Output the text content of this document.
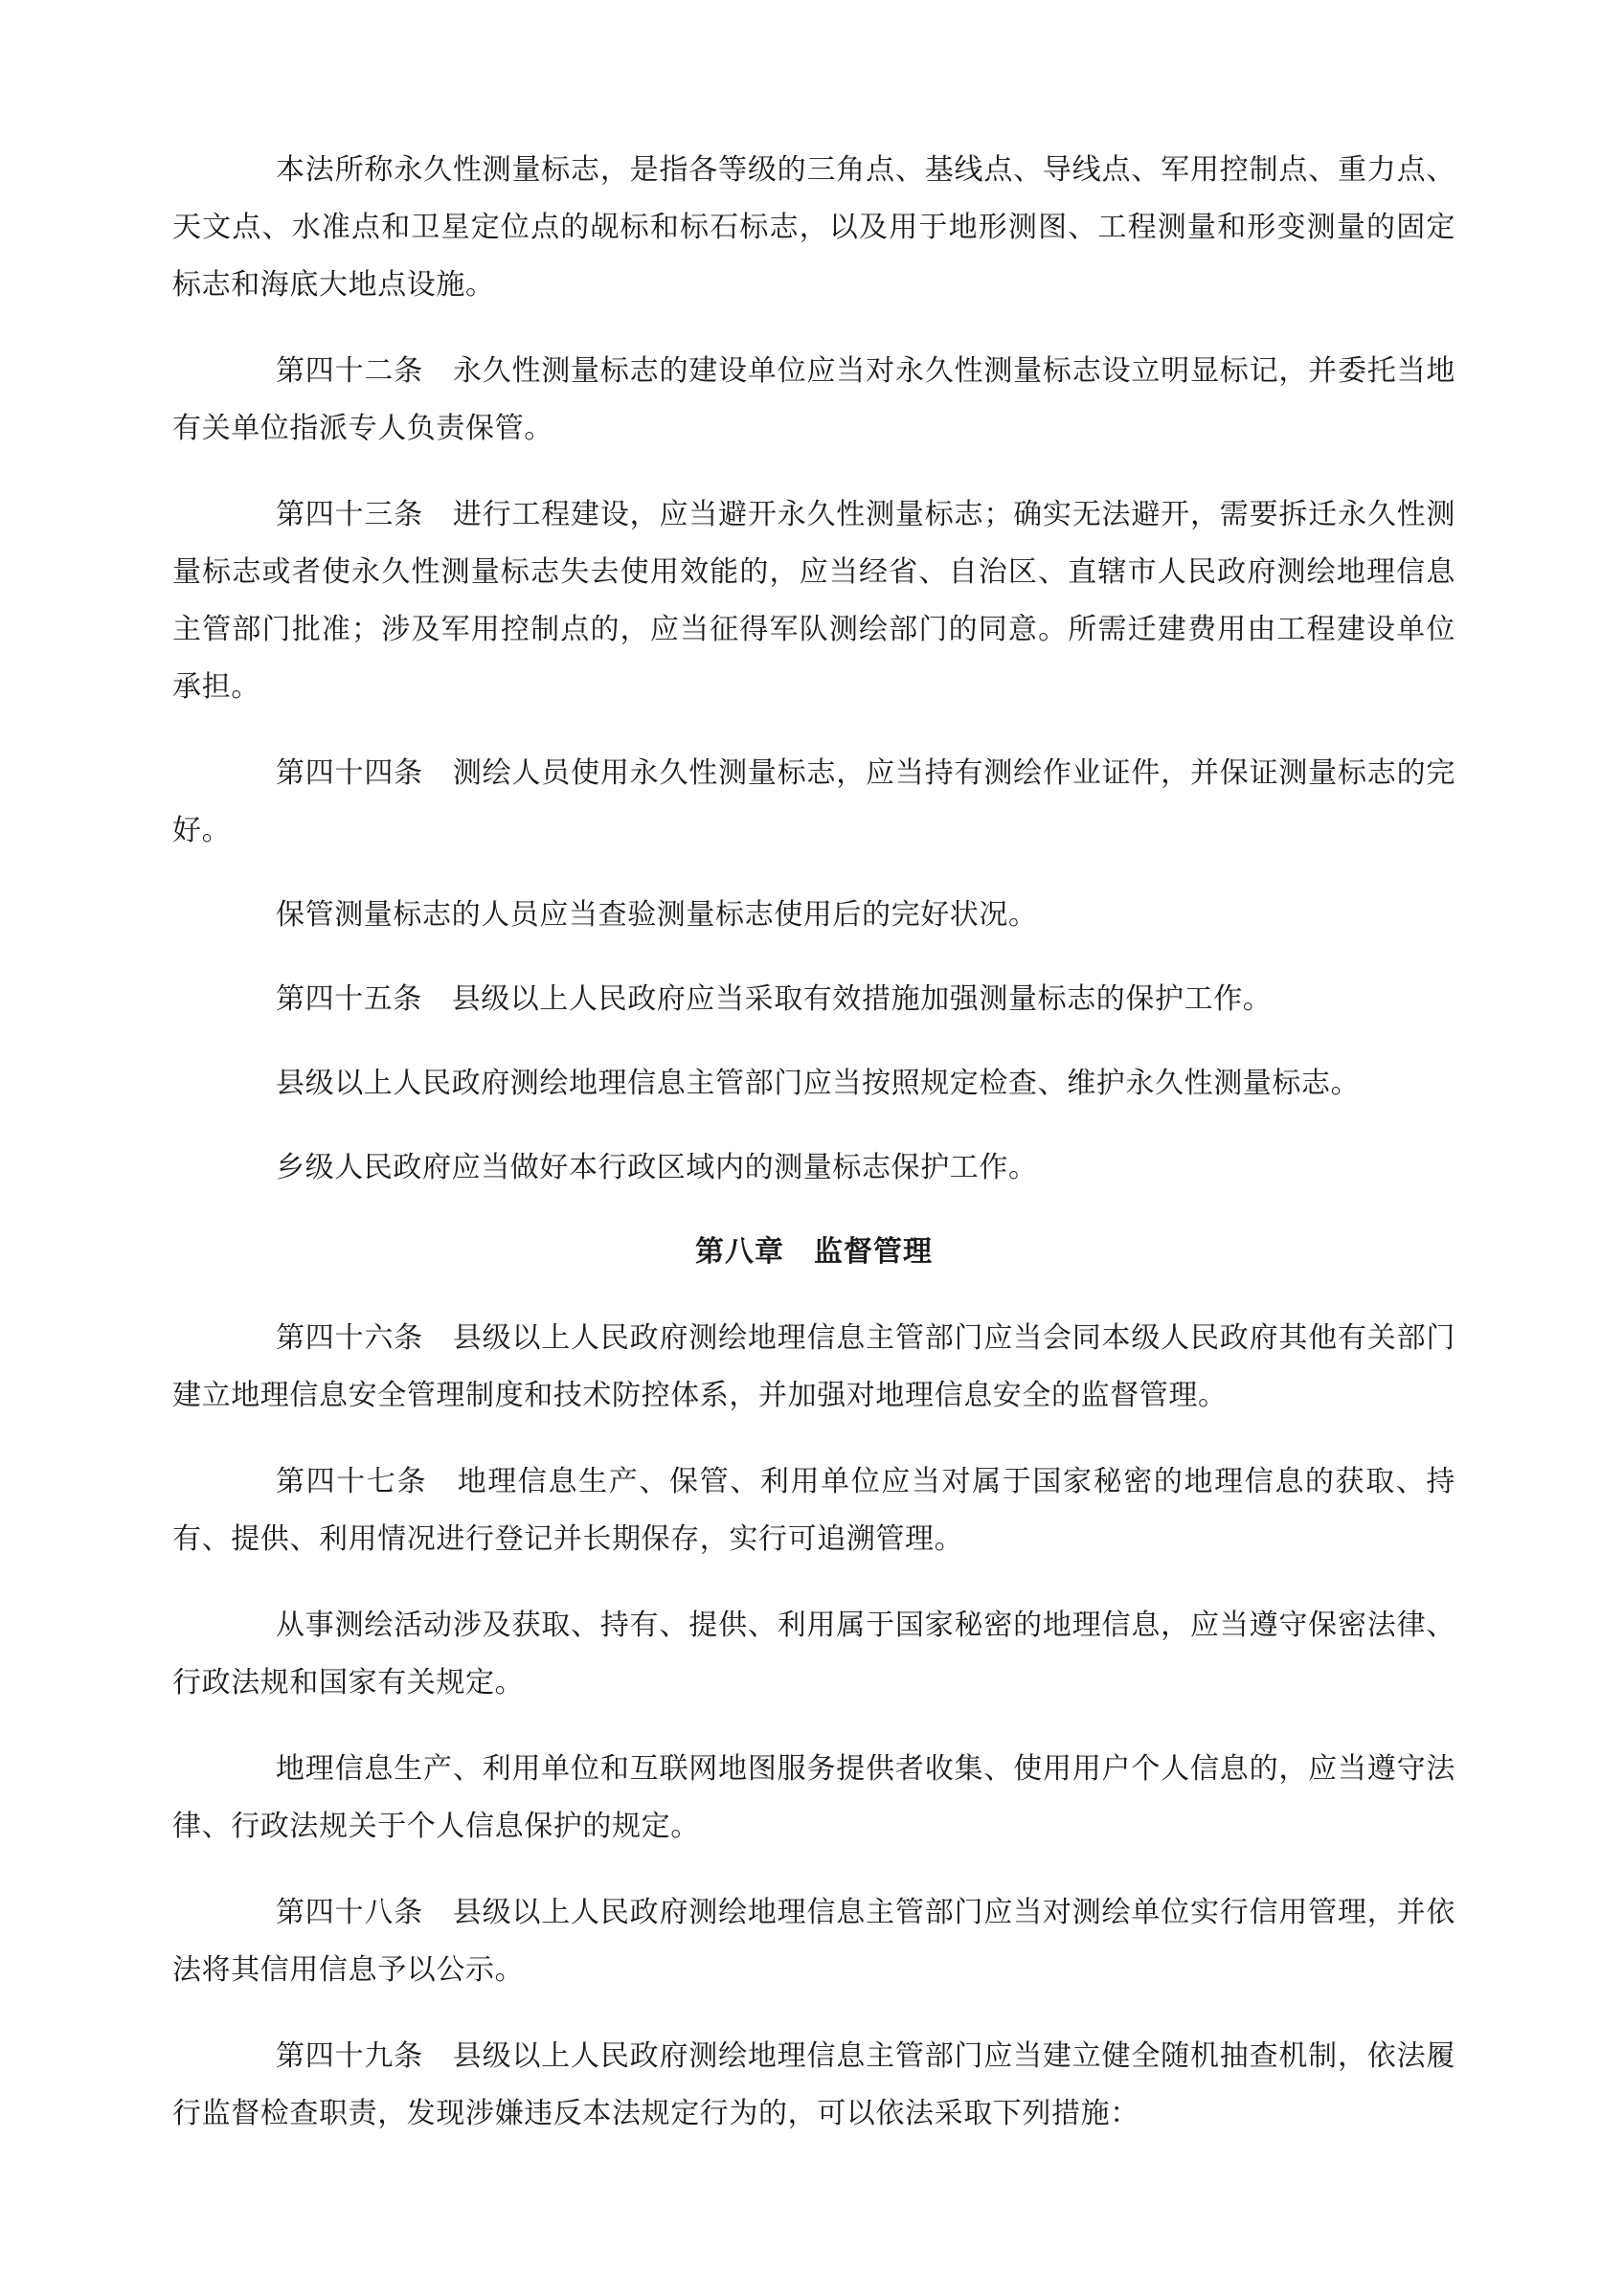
本法所称永久性测量标志，是指各等级的三角点、基线点、导线点、军用控制点、重力点、天文点、水准点和卫星定位点的觇标和标石标志，以及用于地形测图、工程测量和形变测量的固定标志和海底大地点设施。

第四十二条　永久性测量标志的建设单位应当对永久性测量标志设立明显标记，并委托当地有关单位指派专人负责保管。

第四十三条　进行工程建设，应当避开永久性测量标志；确实无法避开，需要拆迁永久性测量标志或者使永久性测量标志失去使用效能的，应当经省、自治区、直辖市人民政府测绘地理信息主管部门批准；涉及军用控制点的，应当征得军队测绘部门的同意。所需迁建费用由工程建设单位承担。

第四十四条　测绘人员使用永久性测量标志，应当持有测绘作业证件，并保证测量标志的完好。

保管测量标志的人员应当查验测量标志使用后的完好状况。

第四十五条　县级以上人民政府应当采取有效措施加强测量标志的保护工作。

县级以上人民政府测绘地理信息主管部门应当按照规定检查、维护永久性测量标志。

乡级人民政府应当做好本行政区域内的测量标志保护工作。

第八章　监督管理

第四十六条　县级以上人民政府测绘地理信息主管部门应当会同本级人民政府其他有关部门建立地理信息安全管理制度和技术防控体系，并加强对地理信息安全的监督管理。

第四十七条　地理信息生产、保管、利用单位应当对属于国家秘密的地理信息的获取、持有、提供、利用情况进行登记并长期保存，实行可追溯管理。

从事测绘活动涉及获取、持有、提供、利用属于国家秘密的地理信息，应当遵守保密法律、行政法规和国家有关规定。

地理信息生产、利用单位和互联网地图服务提供者收集、使用用户个人信息的，应当遵守法律、行政法规关于个人信息保护的规定。

第四十八条　县级以上人民政府测绘地理信息主管部门应当对测绘单位实行信用管理，并依法将其信用信息予以公示。

第四十九条　县级以上人民政府测绘地理信息主管部门应当建立健全随机抽查机制，依法履行监督检查职责，发现涉嫌违反本法规定行为的，可以依法采取下列措施：
